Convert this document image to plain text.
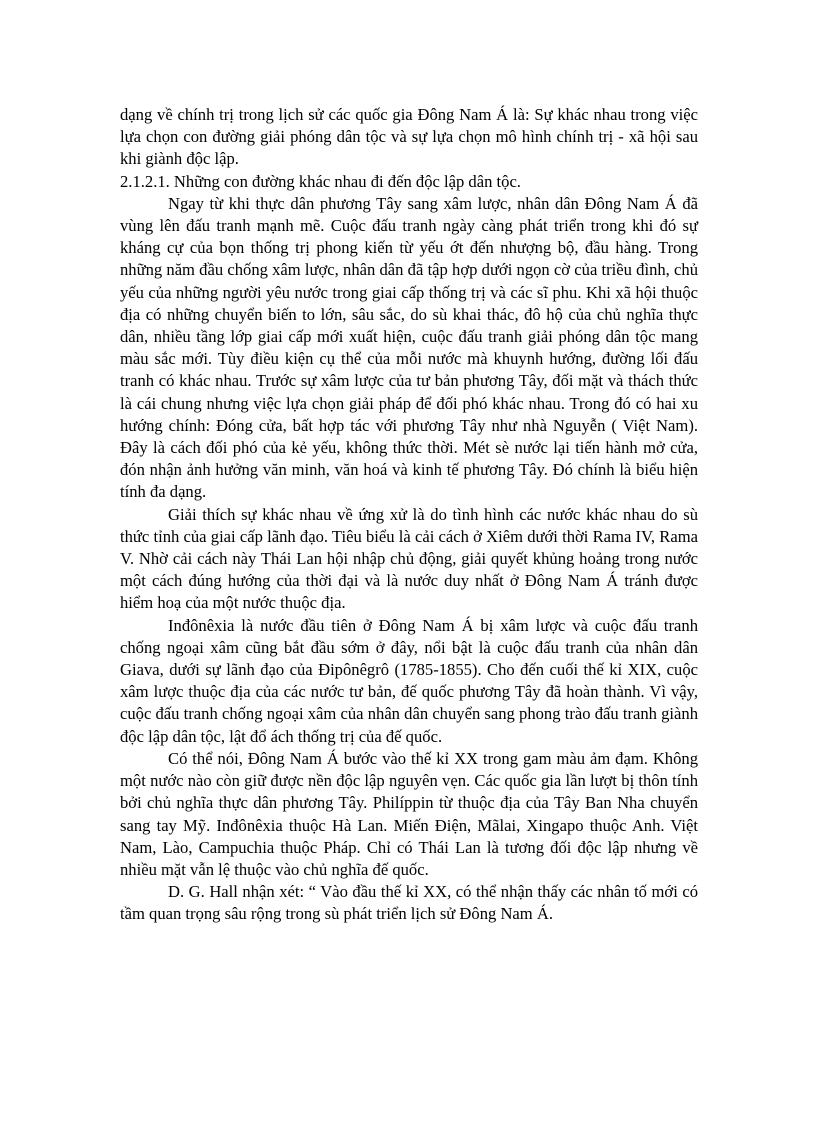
dạng về chính trị trong lịch sử các quốc gia Đông Nam Á là: Sự khác nhau trong việc lựa chọn con đường giải phóng dân tộc và sự lựa chọn mô hình chính trị - xã hội sau khi giành độc lập.

2.1.2.1. Những con đường khác nhau đi đến độc lập dân tộc.

Ngay từ khi thực dân phương Tây sang xâm lược, nhân dân Đông Nam Á đã vùng lên đấu tranh mạnh mẽ. Cuộc đấu tranh ngày càng phát triển trong khi đó sự kháng cự của bọn thống trị phong kiến từ yếu ớt đến nhượng bộ, đầu hàng. Trong những năm đầu chống xâm lược, nhân dân đã tập hợp dưới ngọn cờ của triều đình, chủ yếu của những người yêu nước trong giai cấp thống trị và các sĩ phu. Khi xã hội thuộc địa có những chuyển biến to lớn, sâu sắc, do sù khai thác, đô hộ của chủ nghĩa thực dân, nhiều tầng lớp giai cấp mới xuất hiện, cuộc đấu tranh giải phóng dân tộc mang màu sắc mới. Tùy điều kiện cụ thể của mỗi nước mà khuynh hướng, đường lối đấu tranh có khác nhau. Trước sự xâm lược của tư bản phương Tây, đối mặt và thách thức là cái chung nhưng việc lựa chọn giải pháp để đối phó khác nhau. Trong đó có hai xu hướng chính: Đóng cửa, bất hợp tác với phương Tây như nhà Nguyễn ( Việt Nam). Đây là cách đối phó của kẻ yếu, không thức thời. Mét sè nước lại tiến hành mở cửa, đón nhận ảnh hưởng văn minh, văn hoá và kinh tế phương Tây. Đó chính là biểu hiện tính đa dạng.

Giải thích sự khác nhau về ứng xử là do tình hình các nước khác nhau do sù thức tỉnh của giai cấp lãnh đạo. Tiêu biểu là cải cách ở Xiêm dưới thời Rama IV, Rama V. Nhờ cải cách này Thái Lan hội nhập chủ động, giải quyết khủng hoảng trong nước một cách đúng hướng của thời đại và là nước duy nhất ở Đông Nam Á tránh được hiểm hoạ của một nước thuộc địa.

Inđônêxia là nước đầu tiên ở Đông Nam Á bị xâm lược và cuộc đấu tranh chống ngoại xâm cũng bắt đầu sớm ở đây, nổi bật là cuộc đấu tranh của nhân dân Giava, dưới sự lãnh đạo của Đipônêgrô (1785-1855). Cho đến cuối thế kỉ XIX, cuộc xâm lược thuộc địa của các nước tư bản, đế quốc phương Tây đã hoàn thành. Vì vậy, cuộc đấu tranh chống ngoại xâm của nhân dân chuyển sang phong trào đấu tranh giành độc lập dân tộc, lật đổ ách thống trị của đế quốc.

Có thể nói, Đông Nam Á bước vào thế kỉ XX trong gam màu ảm đạm. Không một nước nào còn giữ được nền độc lập nguyên vẹn. Các quốc gia lần lượt bị thôn tính bởi chủ nghĩa thực dân phương Tây. Philíppin từ thuộc địa của Tây Ban Nha chuyển sang tay Mỹ. Inđônêxia thuộc Hà Lan. Miến Điện, Mãlai, Xingapo thuộc Anh. Việt Nam, Lào, Campuchia thuộc Pháp. Chỉ có Thái Lan là tương đối độc lập nhưng về nhiều mặt vẫn lệ thuộc vào chủ nghĩa đế quốc.

D. G. Hall nhận xét: “ Vào đầu thế kỉ XX, có thể nhận thấy các nhân tố mới có tầm quan trọng sâu rộng trong sù phát triển lịch sử Đông Nam Á.
